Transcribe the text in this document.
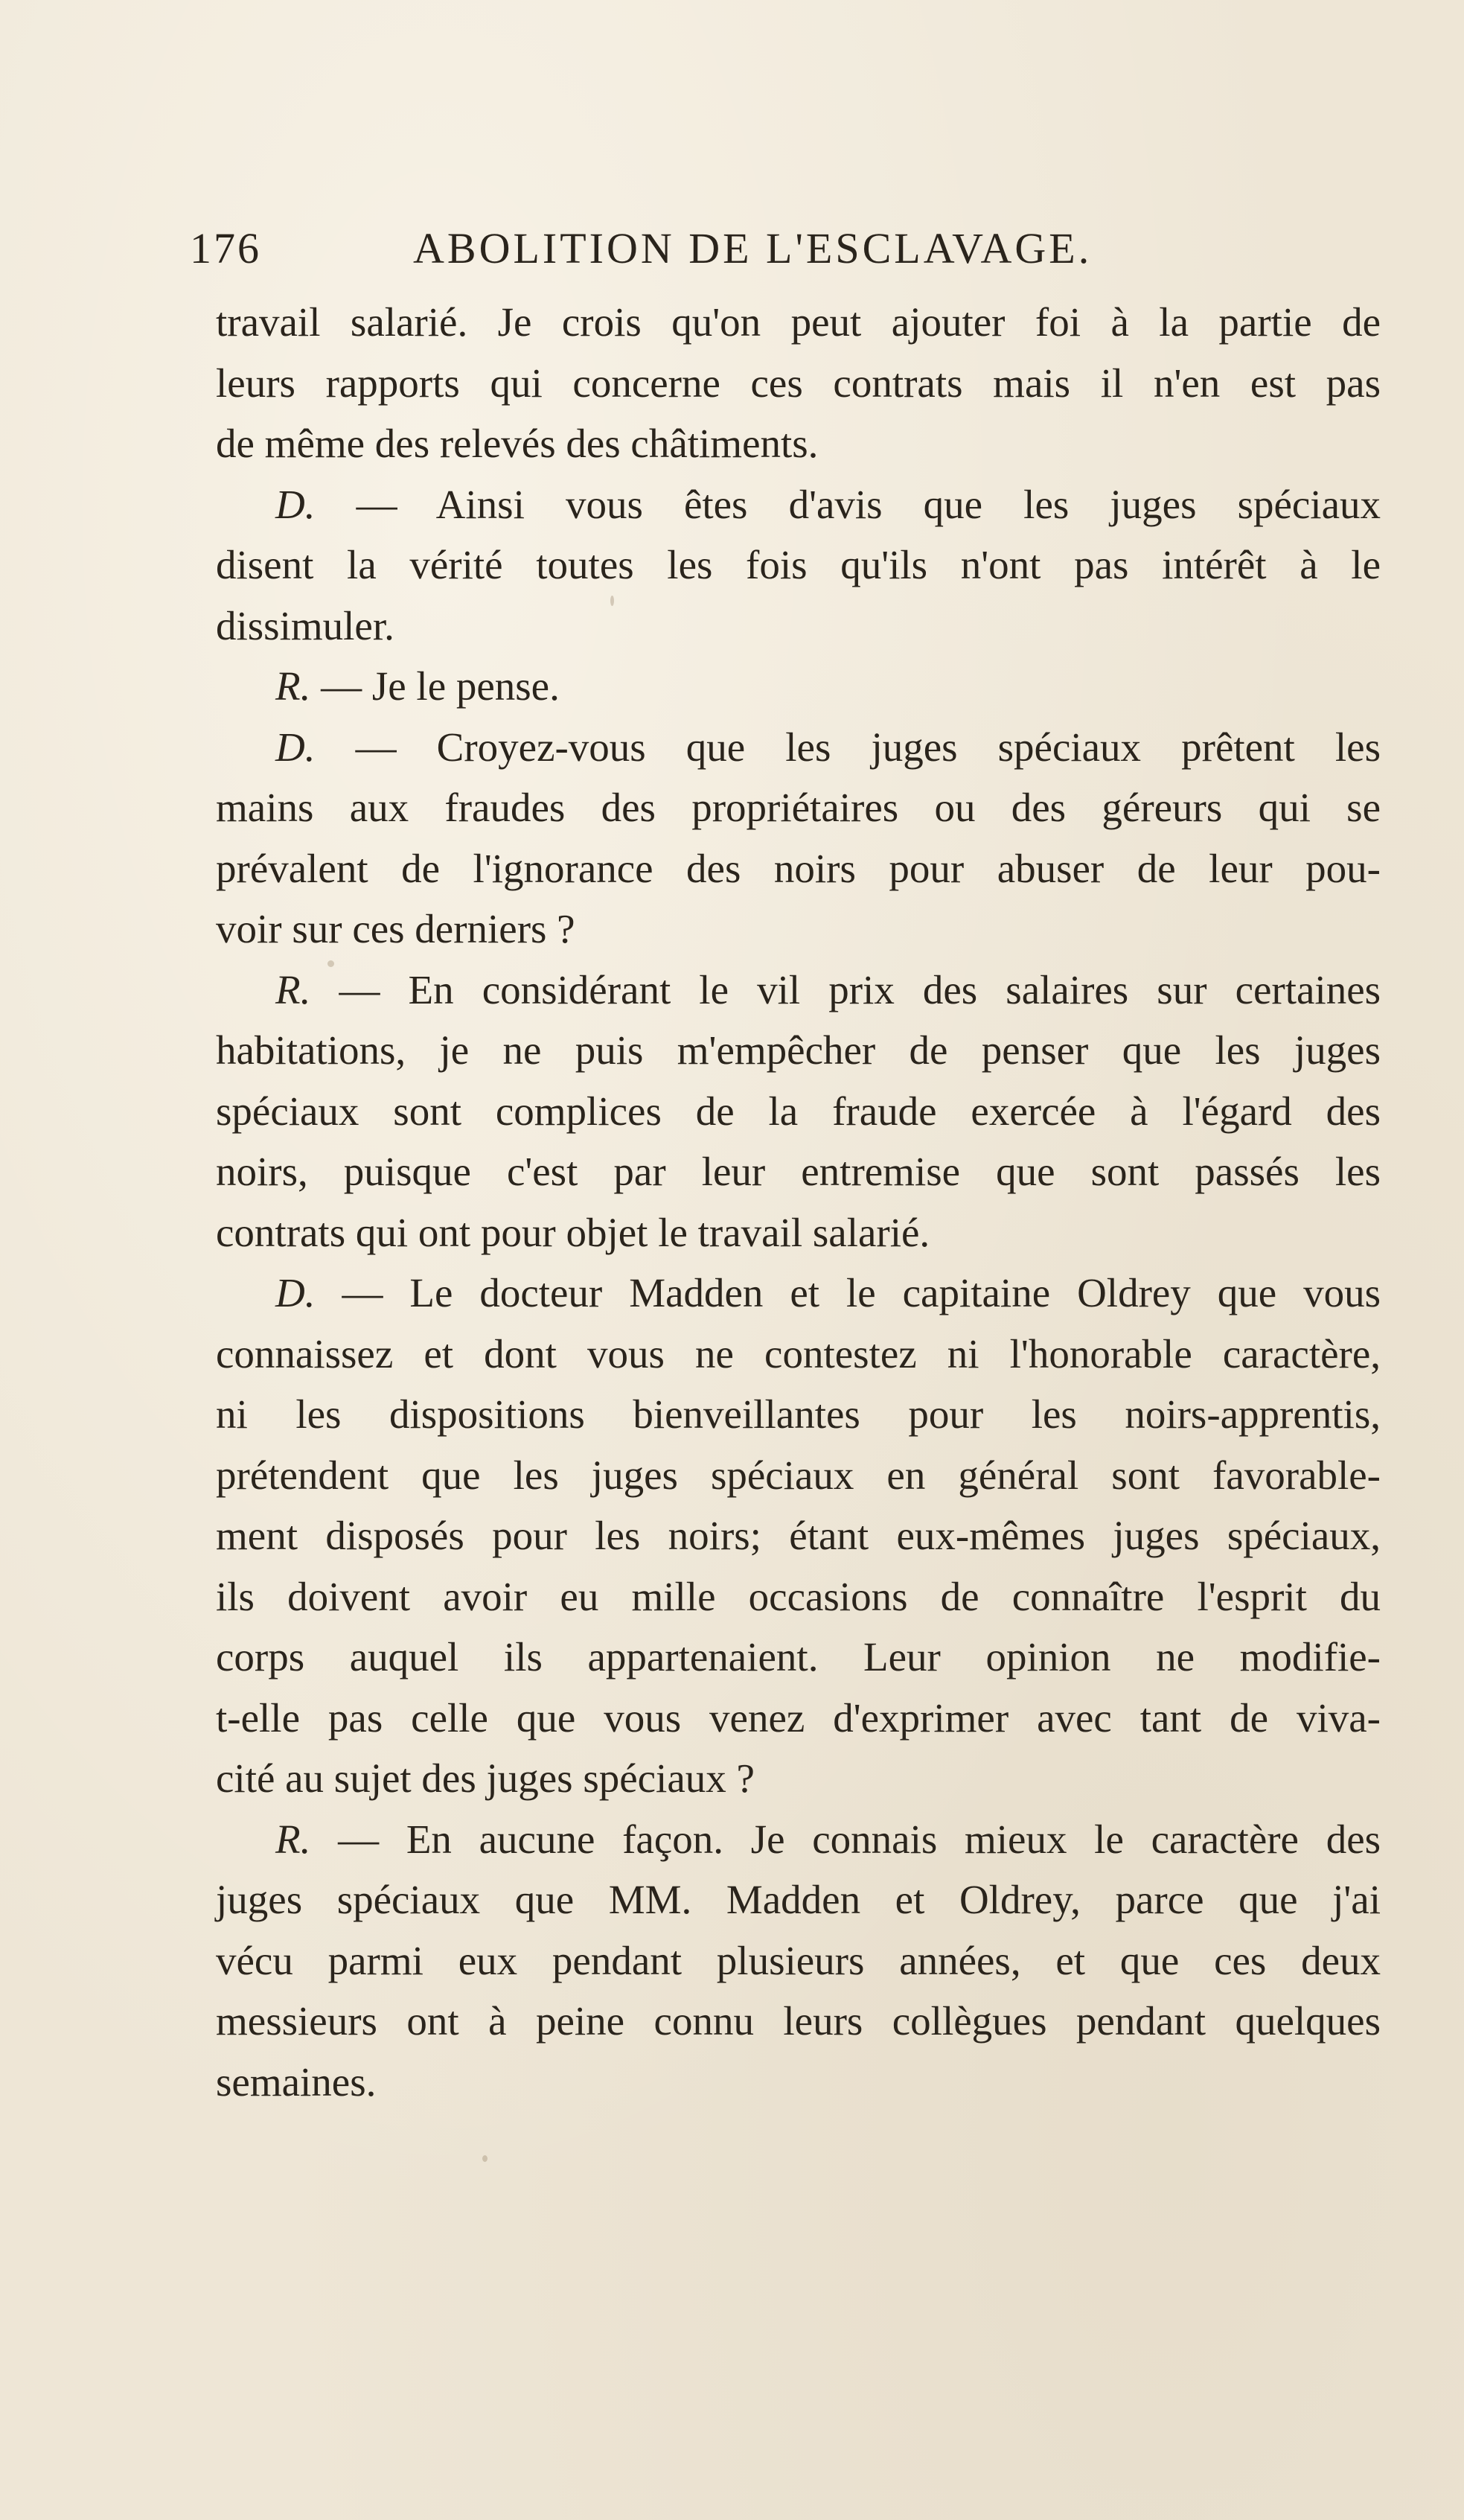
176	ABOLITION DE L'ESCLAVAGE.
travail salarié. Je crois qu'on peut ajouter foi à la partie de
leurs rapports qui concerne ces contrats mais il n'en est pas
de même des relevés des châtiments.
D. — Ainsi vous êtes d'avis que les juges spéciaux
disent la vérité toutes les fois qu'ils n'ont pas intérêt à le
dissimuler.
R. — Je le pense.
D. — Croyez-vous que les juges spéciaux prêtent les
mains aux fraudes des propriétaires ou des géreurs qui se
prévalent de l'ignorance des noirs pour abuser de leur pou-
voir sur ces derniers ?
R. — En considérant le vil prix des salaires sur certaines
habitations, je ne puis m'empêcher de penser que les juges
spéciaux sont complices de la fraude exercée à l'égard des
noirs, puisque c'est par leur entremise que sont passés les
contrats qui ont pour objet le travail salarié.
D. — Le docteur Madden et le capitaine Oldrey que vous
connaissez et dont vous ne contestez ni l'honorable caractère,
ni les dispositions bienveillantes pour les noirs-apprentis,
prétendent que les juges spéciaux en général sont favorable-
ment disposés pour les noirs; étant eux-mêmes juges spéciaux,
ils doivent avoir eu mille occasions de connaître l'esprit du
corps auquel ils appartenaient. Leur opinion ne modifie-
t-elle pas celle que vous venez d'exprimer avec tant de viva-
cité au sujet des juges spéciaux ?
R. — En aucune façon. Je connais mieux le caractère des
juges spéciaux que MM. Madden et Oldrey, parce que j'ai
vécu parmi eux pendant plusieurs années, et que ces deux
messieurs ont à peine connu leurs collègues pendant quelques
semaines.
